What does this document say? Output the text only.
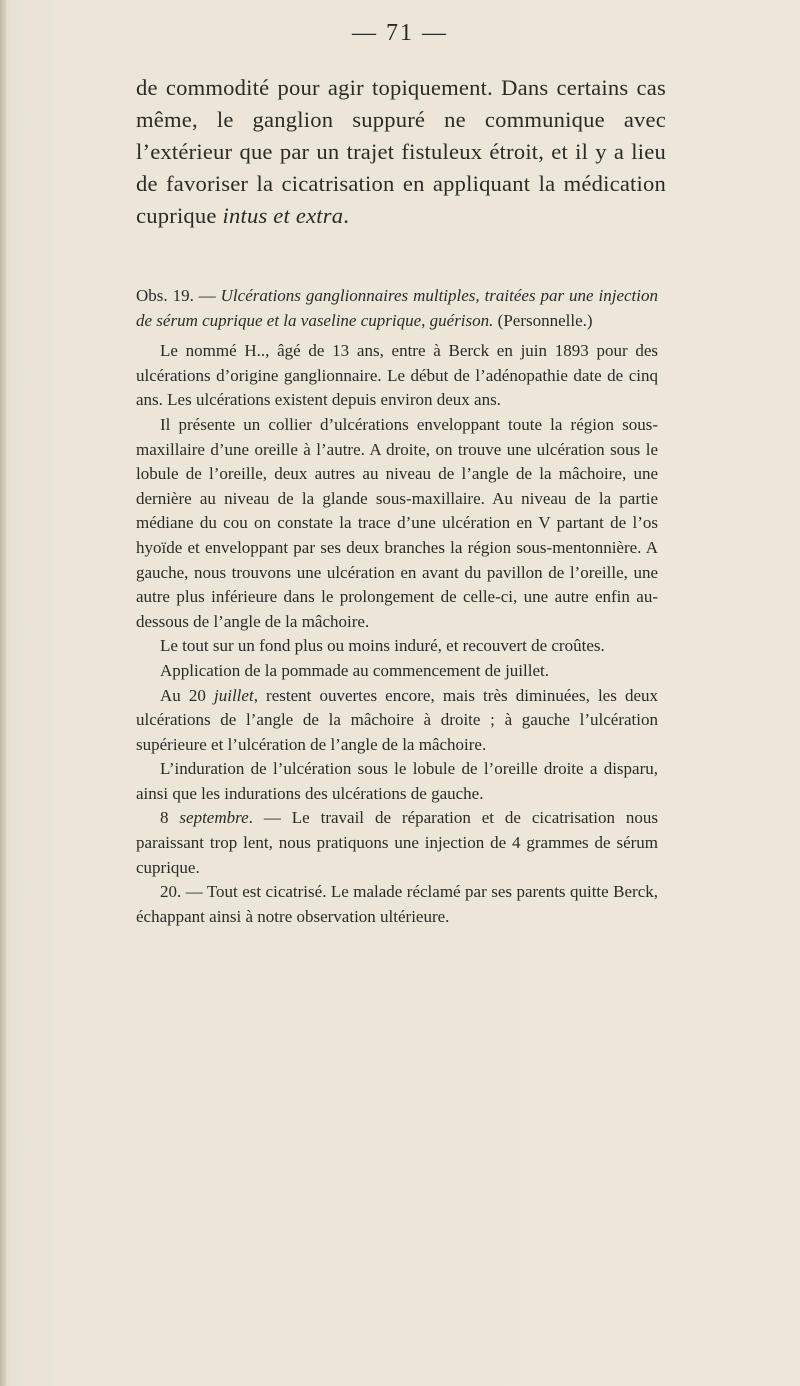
— 71 —

de commodité pour agir topiquement. Dans certains cas même, le ganglion suppuré ne communique avec l’extérieur que par un trajet fistuleux étroit, et il y a lieu de favoriser la cicatrisation en appliquant la médication cuprique intus et extra.

Obs. 19. — Ulcérations ganglionnaires multiples, traitées par une injection de sérum cuprique et la vaseline cuprique, guérison. (Personnelle.)

Le nommé H.., âgé de 13 ans, entre à Berck en juin 1893 pour des ulcérations d’origine ganglionnaire. Le début de l’adénopathie date de cinq ans. Les ulcérations existent depuis environ deux ans.

Il présente un collier d’ulcérations enveloppant toute la région sous-maxillaire d’une oreille à l’autre. A droite, on trouve une ulcération sous le lobule de l’oreille, deux autres au niveau de l’angle de la mâchoire, une dernière au niveau de la glande sous-maxillaire. Au niveau de la partie médiane du cou on constate la trace d’une ulcération en V partant de l’os hyoïde et enveloppant par ses deux branches la région sous-mentonnière. A gauche, nous trouvons une ulcération en avant du pavillon de l’oreille, une autre plus inférieure dans le prolongement de celle-ci, une autre enfin au-dessous de l’angle de la mâchoire.

Le tout sur un fond plus ou moins induré, et recouvert de croûtes.

Application de la pommade au commencement de juillet.

Au 20 juillet, restent ouvertes encore, mais très diminuées, les deux ulcérations de l’angle de la mâchoire à droite ; à gauche l’ulcération supérieure et l’ulcération de l’angle de la mâchoire.

L’induration de l’ulcération sous le lobule de l’oreille droite a disparu, ainsi que les indurations des ulcérations de gauche.

8 septembre. — Le travail de réparation et de cicatrisation nous paraissant trop lent, nous pratiquons une injection de 4 grammes de sérum cuprique.

20. — Tout est cicatrisé. Le malade réclamé par ses parents quitte Berck, échappant ainsi à notre observation ultérieure.
